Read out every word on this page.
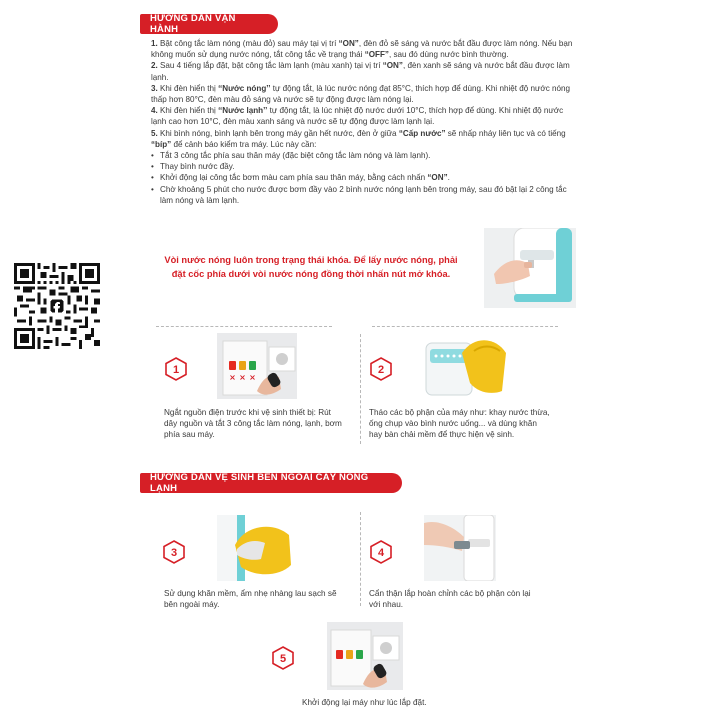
HƯỚNG DẪN VẬN HÀNH

1. Bật công tắc làm nóng (màu đỏ) sau máy tại vị trí “ON”, đèn đỏ sẽ sáng và nước bắt đầu được làm nóng. Nếu bạn không muốn sử dụng nước nóng, tắt công tắc về trạng thái “OFF”, sau đó dùng nước bình thường.

2. Sau 4 tiếng lắp đặt, bật công tắc làm lạnh (màu xanh) tại vị trí “ON”, đèn xanh sẽ sáng và nước bắt đầu được làm lạnh.

3. Khi đèn hiển thị ‘‘Nước nóng’’ tự động tắt, là lúc nước nóng đạt 85°C, thích hợp để dùng. Khi nhiệt độ nước nóng thấp hơn 80°C, đèn màu đỏ sáng và nước sẽ tự động được làm nóng lại.

4. Khi đèn hiển thị ‘‘Nước lạnh’’ tự động tắt, là lúc nhiệt độ nước dưới 10°C, thích hợp để dùng. Khi nhiệt độ nước lạnh cao hơn 10°C, đèn màu xanh sáng và nước sẽ tự động được làm lạnh lại.

5. Khi bình nóng, bình lạnh bên trong máy gần hết nước, đèn ở giữa “Cấp nước” sẽ nhấp nháy liên tục và có tiếng “bíp” để cảnh báo kiểm tra máy. Lúc này cần:

• Tắt 3 công tắc phía sau thân máy (đặc biệt công tắc làm nóng và làm lạnh).
• Thay bình nước đầy.
• Khởi động lại công tắc bơm màu cam phía sau thân máy, bằng cách nhấn “ON”.
• Chờ khoảng 5 phút cho nước được bơm đầy vào 2 bình nước nóng lạnh bên trong máy, sau đó bật lại 2 công tắc làm nóng và làm lạnh.
Vòi nước nóng luôn trong trạng thái khóa. Để lấy nước nóng, phải
đặt cốc phía dưới vòi nước nóng đồng thời nhấn nút mở khóa.
1
× × ×
Ngắt nguồn điện trước khi vệ sinh thiết bị: Rút
dây nguồn và tắt 3 công tắc làm nóng, lạnh, bơm
phía sau máy.
2
Tháo các bộ phận của máy như: khay nước thừa,
ống chụp vào bình nước uống... và dùng khăn
hay bàn chải mềm để thực hiện vệ sinh.
HƯỚNG DẪN VỆ SINH BÊN NGOÀI CÂY NÓNG LẠNH
3
Sử dụng khăn mềm, ẩm nhẹ nhàng lau sạch sẽ
bên ngoài máy.
4
Cẩn thận lắp hoàn chỉnh các bộ phận còn lại
với nhau.
5
Khởi động lại máy như lúc lắp đặt.
